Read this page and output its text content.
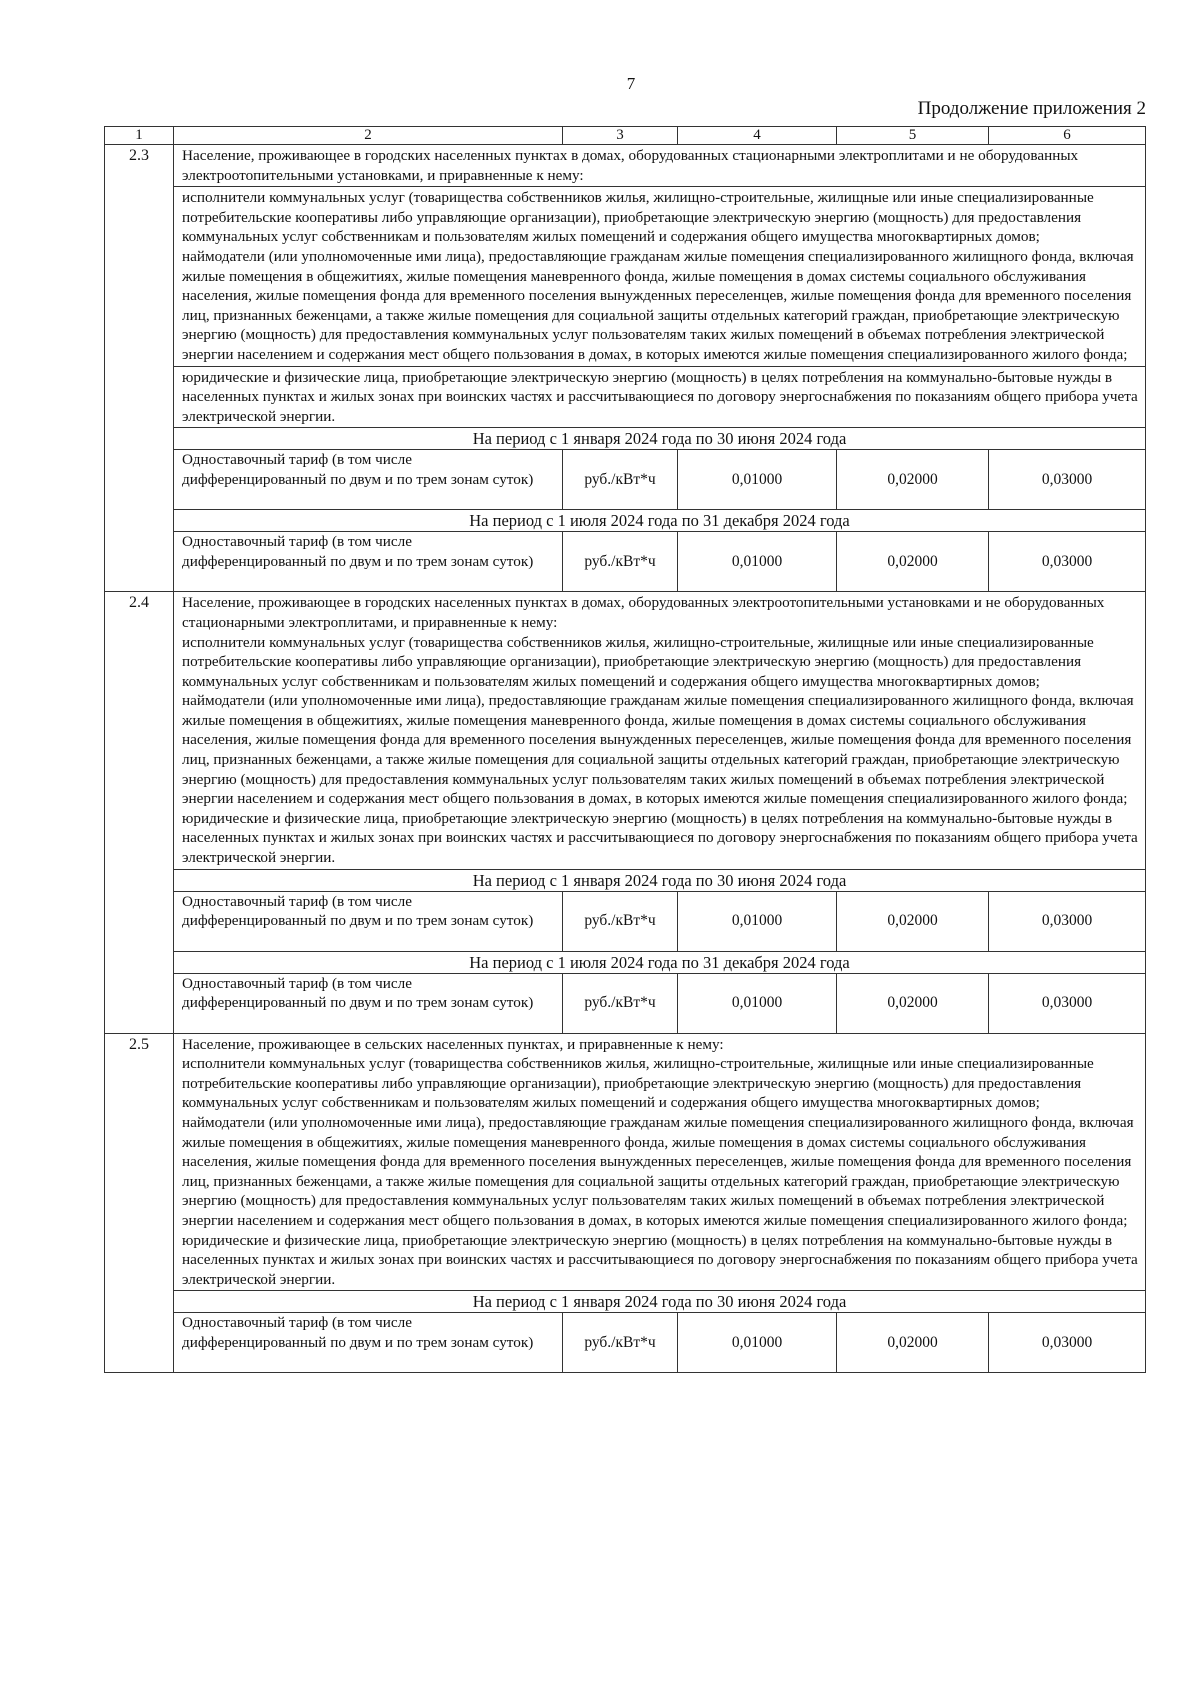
7
Продолжение приложения 2
1	2	3	4	5	6
2.3	Население, проживающее в городских населенных пунктах в домах, оборудованных стационарными электроплитами и не оборудованных электроотопительными установками, и приравненные к нему:				

	исполнители коммунальных услуг (товарищества собственников жилья, жилищно-строительные, жилищные или иные специализированные потребительские кооперативы либо управляющие организации), приобретающие электрическую энергию (мощность) для предоставления коммунальных услуг собственникам и пользователям жилых помещений и содержания общего имущества многоквартирных домов;
наймодатели (или уполномоченные ими лица), предоставляющие гражданам жилые помещения специализированного жилищного фонда, включая жилые помещения в общежитиях, жилые помещения маневренного фонда, жилые помещения в домах системы социального обслуживания населения, жилые помещения фонда для временного поселения вынужденных переселенцев, жилые помещения фонда для временного поселения лиц, признанных беженцами, а также жилые помещения для социальной защиты отдельных категорий граждан, приобретающие электрическую энергию (мощность) для предоставления коммунальных услуг пользователям таких жилых помещений в объемах потребления электрической энергии населением и содержания мест общего пользования в домах, в которых имеются жилые помещения специализированного жилого фонда;				

	юридические и физические лица, приобретающие электрическую энергию (мощность) в целях потребления на коммунально-бытовые нужды в населенных пунктах и жилых зонах при воинских частях и рассчитывающиеся по договору энергоснабжения по показаниям общего прибора учета электрической энергии.				
	На период с 1 января 2024 года по 30 июня 2024 года				
	Одноставочный тариф (в том числе дифференцированный по двум и по трем зонам суток)	руб./кВт*ч	0,01000	0,02000	0,03000
	На период с 1 июля 2024 года по 31 декабря 2024 года				
	Одноставочный тариф (в том числе дифференцированный по двум и по трем зонам суток)	руб./кВт*ч	0,01000	0,02000	0,03000
2.4	Население, проживающее в городских населенных пунктах в домах, оборудованных электроотопительными установками и не оборудованных стационарными электроплитами, и приравненные к нему:
исполнители коммунальных услуг (товарищества собственников жилья, жилищно-строительные, жилищные или иные специализированные потребительские кооперативы либо управляющие организации), приобретающие электрическую энергию (мощность) для предоставления коммунальных услуг собственникам и пользователям жилых помещений и содержания общего имущества многоквартирных домов;
наймодатели (или уполномоченные ими лица), предоставляющие гражданам жилые помещения специализированного жилищного фонда, включая жилые помещения в общежитиях, жилые помещения маневренного фонда, жилые помещения в домах системы социального обслуживания населения, жилые помещения фонда для временного поселения вынужденных переселенцев, жилые помещения фонда для временного поселения лиц, признанных беженцами, а также жилые помещения для социальной защиты отдельных категорий граждан, приобретающие электрическую энергию (мощность) для предоставления коммунальных услуг пользователям таких жилых помещений в объемах потребления электрической энергии населением и содержания мест общего пользования в домах, в которых имеются жилые помещения специализированного жилого фонда;
юридические и физические лица, приобретающие электрическую энергию (мощность) в целях потребления на коммунально-бытовые нужды в населенных пунктах и жилых зонах при воинских частях и рассчитывающиеся по договору энергоснабжения по показаниям общего прибора учета электрической энергии.				

	На период с 1 января 2024 года по 30 июня 2024 года				
	Одноставочный тариф (в том числе дифференцированный по двум и по трем зонам суток)	руб./кВт*ч	0,01000	0,02000	0,03000
	На период с 1 июля 2024 года по 31 декабря 2024 года				
	Одноставочный тариф (в том числе дифференцированный по двум и по трем зонам суток)	руб./кВт*ч	0,01000	0,02000	0,03000
2.5	Население, проживающее в сельских населенных пунктах, и приравненные к нему:
исполнители коммунальных услуг (товарищества собственников жилья, жилищно-строительные, жилищные или иные специализированные потребительские кооперативы либо управляющие организации), приобретающие электрическую энергию (мощность) для предоставления коммунальных услуг собственникам и пользователям жилых помещений и содержания общего имущества многоквартирных домов;
наймодатели (или уполномоченные ими лица), предоставляющие гражданам жилые помещения специализированного жилищного фонда, включая жилые помещения в общежитиях, жилые помещения маневренного фонда, жилые помещения в домах системы социального обслуживания населения, жилые помещения фонда для временного поселения вынужденных переселенцев, жилые помещения фонда для временного поселения лиц, признанных беженцами, а также жилые помещения для социальной защиты отдельных категорий граждан, приобретающие электрическую энергию (мощность) для предоставления коммунальных услуг пользователям таких жилых помещений в объемах потребления электрической энергии населением и содержания мест общего пользования в домах, в которых имеются жилые помещения специализированного жилого фонда;
юридические и физические лица, приобретающие электрическую энергию (мощность) в целях потребления на коммунально-бытовые нужды в населенных пунктах и жилых зонах при воинских частях и рассчитывающиеся по договору энергоснабжения по показаниям общего прибора учета электрической энергии.				

	На период с 1 января 2024 года по 30 июня 2024 года				
	Одноставочный тариф (в том числе дифференцированный по двум и по трем зонам суток)	руб./кВт*ч	0,01000	0,02000	0,03000
